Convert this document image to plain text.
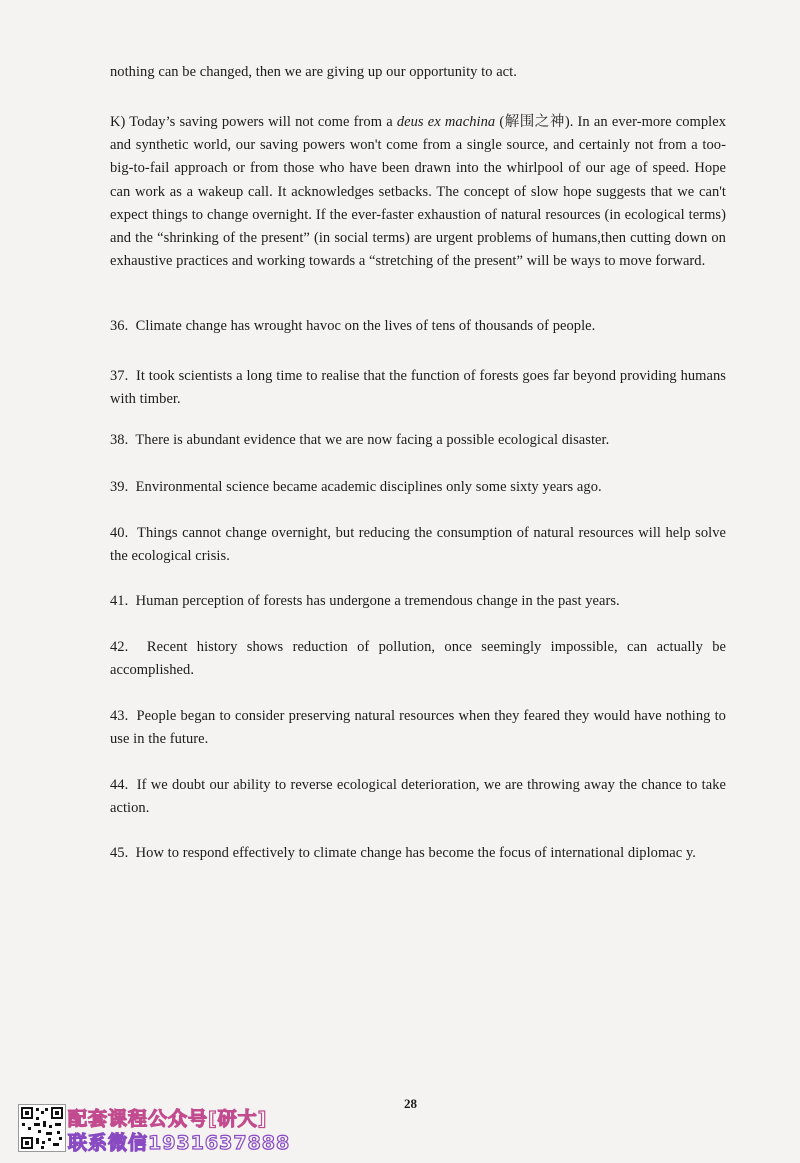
nothing can be changed, then we are giving up our opportunity to act.
K) Today’s saving powers will not come from a deus ex machina (解围之神). In an ever-more complex and synthetic world, our saving powers won't come from a single source, and certainly not from a too-big-to-fail approach or from those who have been drawn into the whirlpool of our age of speed. Hope can work as a wakeup call. It acknowledges setbacks. The concept of slow hope suggests that we can't expect things to change overnight. If the ever-faster exhaustion of natural resources (in ecological terms) and the “shrinking of the present” (in social terms) are urgent problems of humans,then cutting down on exhaustive practices and working towards a “stretching of the present” will be ways to move forward.
36. Climate change has wrought havoc on the lives of tens of thousands of people.
37. It took scientists a long time to realise that the function of forests goes far beyond providing humans with timber.
38. There is abundant evidence that we are now facing a possible ecological disaster.
39. Environmental science became academic disciplines only some sixty years ago.
40. Things cannot change overnight, but reducing the consumption of natural resources will help solve the ecological crisis.
41. Human perception of forests has undergone a tremendous change in the past years.
42. Recent history shows reduction of pollution, once seemingly impossible, can actually be accomplished.
43. People began to consider preserving natural resources when they feared they would have nothing to use in the future.
44. If we doubt our ability to reverse ecological deterioration, we are throwing away the chance to take action.
45. How to respond effectively to climate change has become the focus of international diplomac y.
28
配套课程公众号[研大]
联系微信1931637888
